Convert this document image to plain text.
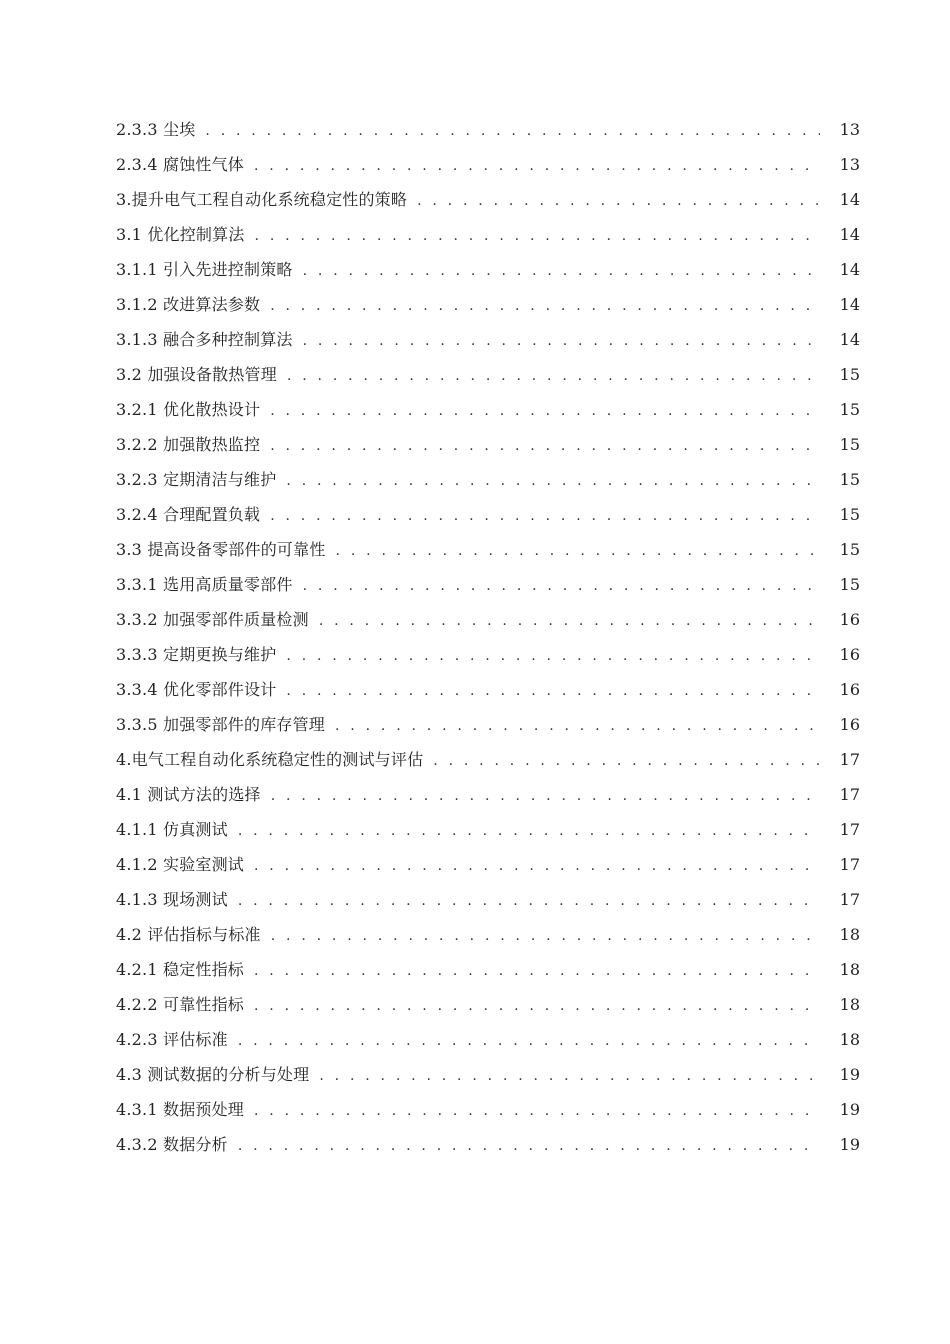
2.3.3 尘埃 . . .	13
2.3.4 腐蚀性气体 . . .	13
3.提升电气工程自动化系统稳定性的策略 . . .	14
3.1 优化控制算法 . . .	14
3.1.1 引入先进控制策略 . . .	14
3.1.2 改进算法参数 . . .	14
3.1.3 融合多种控制算法 . . .	14
3.2 加强设备散热管理 . . .	15
3.2.1 优化散热设计 . . .	15
3.2.2 加强散热监控 . . .	15
3.2.3 定期清洁与维护 . . .	15
3.2.4 合理配置负载 . . .	15
3.3 提高设备零部件的可靠性 . . .	15
3.3.1 选用高质量零部件 . . .	15
3.3.2 加强零部件质量检测 . . .	16
3.3.3 定期更换与维护 . . .	16
3.3.4 优化零部件设计 . . .	16
3.3.5 加强零部件的库存管理 . . .	16
4.电气工程自动化系统稳定性的测试与评估 . . .	17
4.1 测试方法的选择 . . .	17
4.1.1 仿真测试 . . .	17
4.1.2 实验室测试 . . .	17
4.1.3 现场测试 . . .	17
4.2 评估指标与标准 . . .	18
4.2.1 稳定性指标 . . .	18
4.2.2 可靠性指标 . . .	18
4.2.3 评估标准 . . .	18
4.3 测试数据的分析与处理 . . .	19
4.3.1 数据预处理 . . .	19
4.3.2 数据分析 . . .	19
